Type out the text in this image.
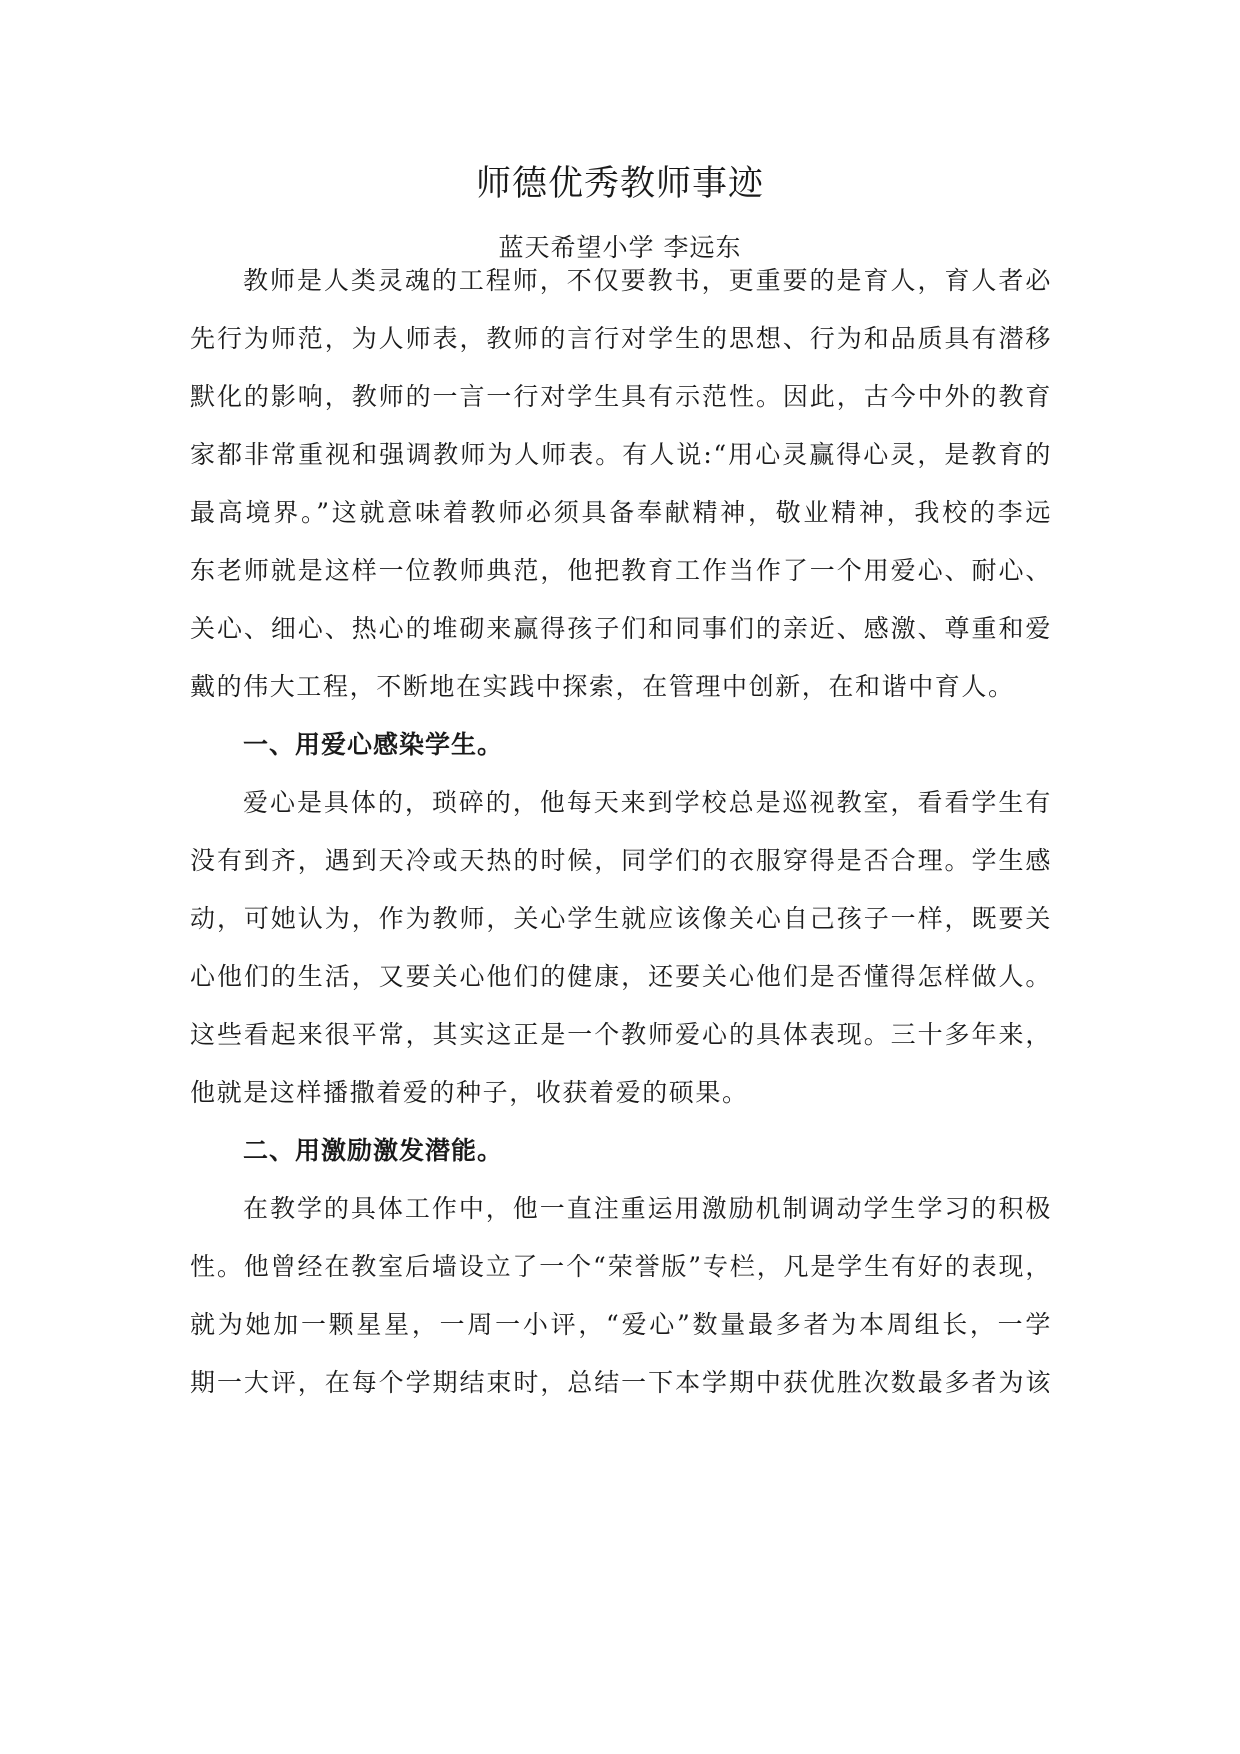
师德优秀教师事迹
蓝天希望小学 李远东
教师是人类灵魂的工程师，不仅要教书，更重要的是育人，育人者必
先行为师范，为人师表，教师的言行对学生的思想、行为和品质具有潜移
默化的影响，教师的一言一行对学生具有示范性。因此，古今中外的教育
家都非常重视和强调教师为人师表。有人说:“用心灵赢得心灵，是教育的
最高境界。”这就意味着教师必须具备奉献精神，敬业精神，我校的李远
东老师就是这样一位教师典范，他把教育工作当作了一个用爱心、耐心、
关心、细心、热心的堆砌来赢得孩子们和同事们的亲近、感激、尊重和爱
戴的伟大工程，不断地在实践中探索，在管理中创新，在和谐中育人。
一、用爱心感染学生。
爱心是具体的，琐碎的，他每天来到学校总是巡视教室，看看学生有
没有到齐，遇到天冷或天热的时候，同学们的衣服穿得是否合理。学生感
动，可她认为，作为教师，关心学生就应该像关心自己孩子一样，既要关
心他们的生活，又要关心他们的健康，还要关心他们是否懂得怎样做人。
这些看起来很平常，其实这正是一个教师爱心的具体表现。三十多年来，
他就是这样播撒着爱的种子，收获着爱的硕果。
二、用激励激发潜能。
在教学的具体工作中，他一直注重运用激励机制调动学生学习的积极
性。他曾经在教室后墙设立了一个“荣誉版”专栏，凡是学生有好的表现，
就为她加一颗星星，一周一小评，“爱心”数量最多者为本周组长，一学
期一大评，在每个学期结束时，总结一下本学期中获优胜次数最多者为该
